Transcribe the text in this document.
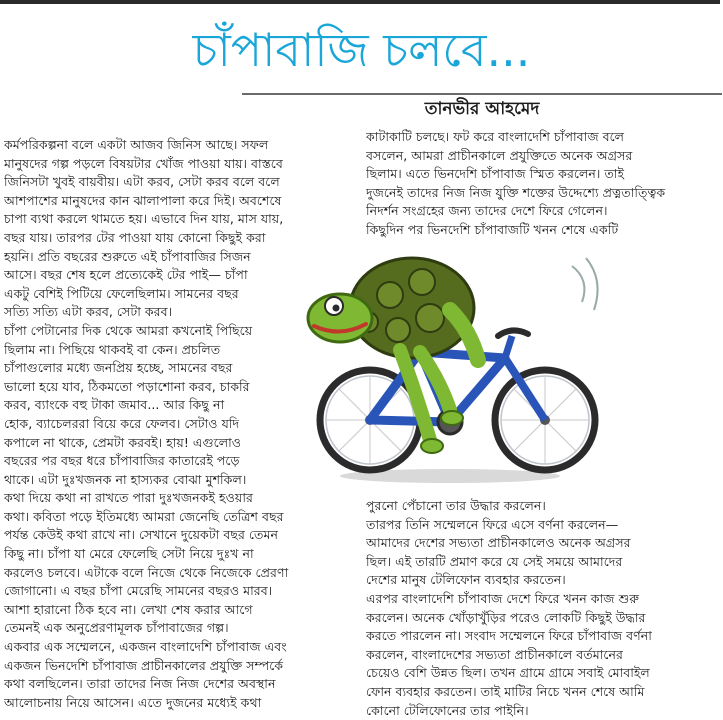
চাঁপাবাজি চলবে...
তানভীর আহমেদ

কর্মপরিকল্পনা বলে একটা আজব জিনিস আছে। সফল

মানুষদের গল্প পড়লে বিষয়টার খোঁজ পাওয়া যায়। বাস্তবে

জিনিসটা খুবই বায়বীয়। এটা করব, সেটা করব বলে বলে

আশপাশের মানুষদের কান ঝালাপালা করে দিই। অবশেষে

চাপা ব্যথা করলে থামতে হয়। এভাবে দিন যায়, মাস যায়,

বছর যায়। তারপর টের পাওয়া যায় কোনো কিছুই করা

হয়নি। প্রতি বছরের শুরুতে এই চাঁপাবাজির সিজন

আসে। বছর শেষ হলে প্রত্যেকেই টের পাই— চাঁপা

একটু বেশিই পিটিয়ে ফেলেছিলাম। সামনের বছর

সত্যি সত্যি এটা করব, সেটা করব।

চাঁপা পেটানোর দিক থেকে আমরা কখনোই পিছিয়ে

ছিলাম না। পিছিয়ে থাকবই বা কেন। প্রচলিত

চাঁপাগুলোর মধ্যে জনপ্রিয় হচ্ছে, সামনের বছর

ভালো হয়ে যাব, ঠিকমতো পড়াশোনা করব, চাকরি

করব, ব্যাংকে বহু টাকা জমাব... আর কিছু না

হোক, ব্যাচেলররা বিয়ে করে ফেলব। সেটাও যদি

কপালে না থাকে, প্রেমটা করবই। হায়! এগুলোও

বছরের পর বছর ধরে চাঁপাবাজির কাতারেই পড়ে

থাকে। এটা দুঃখজনক না হাস্যকর বোঝা মুশকিল।

কথা দিয়ে কথা না রাখতে পারা দুঃখজনকই হওয়ার

কথা। কবিতা পড়ে ইতিমধ্যে আমরা জেনেছি তেত্রিশ বছর

পর্যন্ত কেউই কথা রাখে না। সেখানে দুয়েকটা বছর তেমন

কিছু না। চাঁপা যা মেরে ফেলেছি সেটা নিয়ে দুঃখ না

করলেও চলবে। এটাকে বলে নিজে থেকে নিজেকে প্রেরণা

জোগানো। এ বছর চাঁপা মেরেছি সামনের বছরও মারব।

আশা হারানো ঠিক হবে না। লেখা শেষ করার আগে

তেমনই এক অনুপ্রেরণামূলক চাঁপাবাজের গল্প।

একবার এক সম্মেলনে, একজন বাংলাদেশি চাঁপাবাজ এবং

একজন ভিনদেশি চাঁপাবাজ প্রাচীনকালের প্রযুক্তি সম্পর্কে

কথা বলছিলেন। তারা তাদের নিজ নিজ দেশের অবস্থান

আলোচনায় নিয়ে আসেন। এতে দুজনের মধ্যেই কথা

কাটাকাটি চলছে। ফট করে বাংলাদেশি চাঁপাবাজ বলে

বসলেন, আমরা প্রাচীনকালে প্রযুক্তিতে অনেক অগ্রসর

ছিলাম। এতে ভিনদেশি চাঁপাবাজ স্মিত করলেন। তাই

দুজনেই তাদের নিজ নিজ যুক্তি শক্তের উদ্দেশ্যে প্রত্নতাত্ত্বিক

নিদর্শন সংগ্রহের জন্য তাদের দেশে ফিরে গেলেন।

কিছুদিন পর ভিনদেশি চাঁপাবাজটি খনন শেষে একটি

পুরনো পেঁচানো তার উদ্ধার করলেন।

তারপর তিনি সম্মেলনে ফিরে এসে বর্ণনা করলেন—

আমাদের দেশের সভ্যতা প্রাচীনকালেও অনেক অগ্রসর

ছিল। এই তারটি প্রমাণ করে যে সেই সময়ে আমাদের

দেশের মানুষ টেলিফোন ব্যবহার করতেন।

এরপর বাংলাদেশি চাঁপাবাজ দেশে ফিরে খনন কাজ শুরু

করলেন। অনেক খোঁড়াখুঁড়ির পরেও লোকটি কিছুই উদ্ধার

করতে পারলেন না। সংবাদ সম্মেলনে ফিরে চাঁপাবাজ বর্ণনা

করলেন, বাংলাদেশের সভ্যতা প্রাচীনকালে বর্তমানের

চেয়েও বেশি উন্নত ছিল। তখন গ্রামে গ্রামে সবাই মোবাইল

ফোন ব্যবহার করতেন। তাই মাটির নিচে খনন শেষে আমি

কোনো টেলিফোনের তার পাইনি।
